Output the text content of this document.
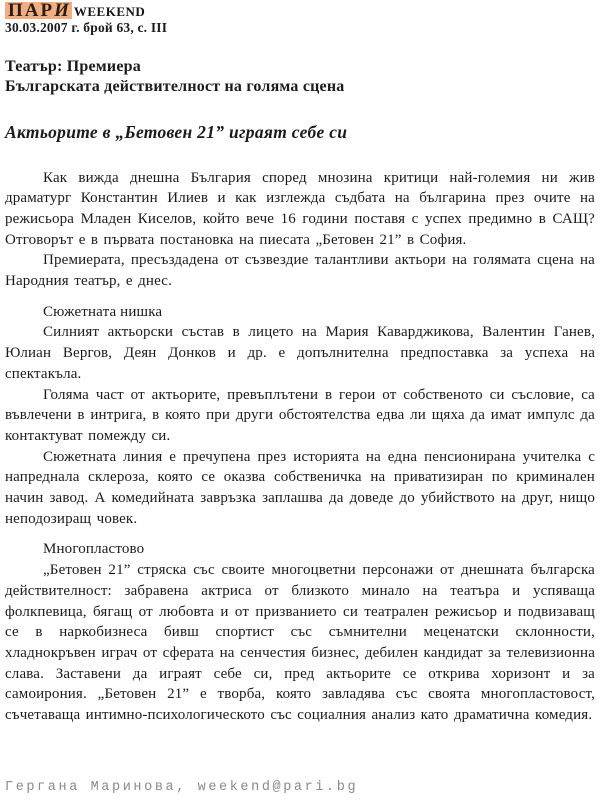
ПАРИ WEEKEND
30.03.2007 г. брой 63, с. III
Театър: Премиера
Българската действителност на голяма сцена
Актьорите в „Бетовен 21” играят себе си

Как вижда днешна България според мнозина критици най-големия ни жив драматург Константин Илиев и как изглежда съдбата на българина през очите на режисьора Младен Киселов, който вече 16 години поставя с успех предимно в САЩ? Отговорът е в първата постановка на пиесата „Бетовен 21” в София.

Премиерата, пресъздадена от съзвездие талантливи актьори на голямата сцена на Народния театър, е днес.

Сюжетната нишка

Силният актьорски състав в лицето на Мария Каварджикова, Валентин Ганев, Юлиан Вергов, Деян Донков и др. е допълнителна предпоставка за успеха на спектакъла.

Голяма част от актьорите, превъплътени в герои от собственото си съсловие, са въвлечени в интрига, в която при други обстоятелства едва ли щяха да имат импулс да контактуват помежду си.

Сюжетната линия е пречупена през историята на една пенсионирана учителка с напреднала склероза, която се оказва собственичка на приватизиран по криминален начин завод. А комедийната завръзка заплашва да доведе до убийството на друг, нищо неподозиращ човек.

Многопластово

„Бетовен 21” стряска със своите многоцветни персонажи от днешната българска действителност: забравена актриса от близкото минало на театъра и успяваща фолкпевица, бягащ от любовта и от призванието си театрален режисьор и подвизаващ се в наркобизнеса бивш спортист със съмнителни меценатски склонности, хладнокръвен играч от сферата на сенчестия бизнес, дебилен кандидат за телевизионна слава. Заставени да играят себе си, пред актьорите се открива хоризонт и за самоирония. „Бетовен 21” е творба, която завладява със своята многопластовост, съчетаваща интимно-психологическото със социалния анализ като драматична комедия.

Гергана Маринова, weekend@pari.bg
